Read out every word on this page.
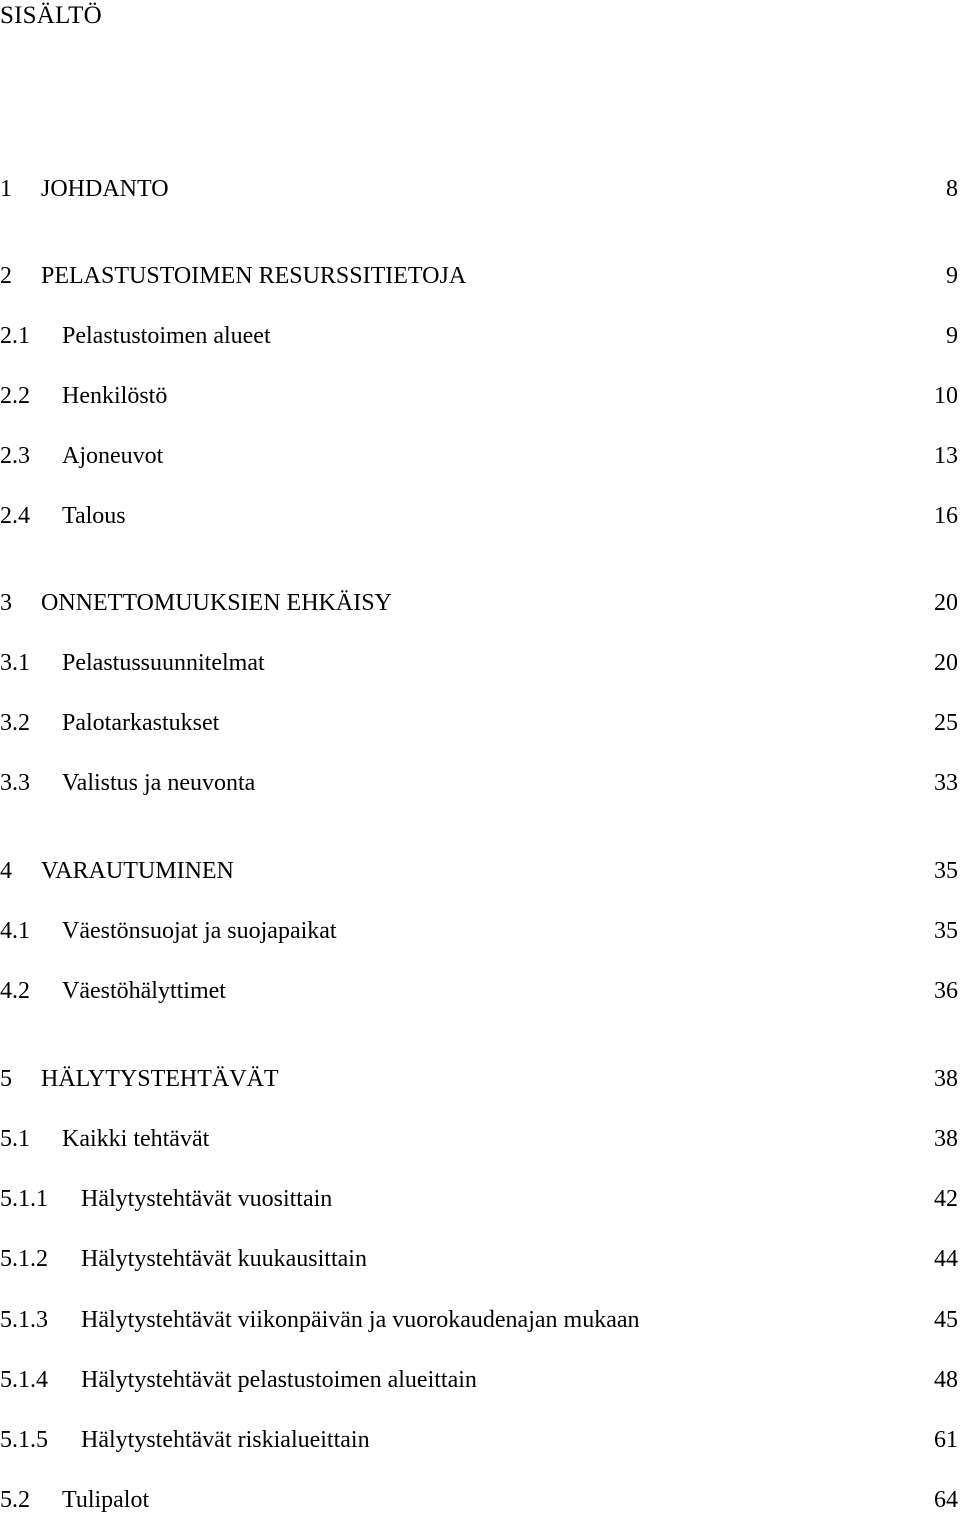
SISÄLTÖ
1 JOHDANTO	8
2 PELASTUSTOIMEN RESURSSITIETOJA	9
2.1 Pelastustoimen alueet	9
2.2 Henkilöstö	10
2.3 Ajoneuvot	13
2.4 Talous	16
3 ONNETTOMUUKSIEN EHKÄISY	20
3.1 Pelastussuunnitelmat	20
3.2 Palotarkastukset	25
3.3 Valistus ja neuvonta	33
4 VARAUTUMINEN	35
4.1 Väestönsuojat ja suojapaikat	35
4.2 Väestöhälyttimet	36
5 HÄLYTYSTEHTÄVÄT	38
5.1 Kaikki tehtävät	38
5.1.1 Hälytystehtävät vuosittain	42
5.1.2 Hälytystehtävät kuukausittain	44
5.1.3 Hälytystehtävät viikonpäivän ja vuorokaudenajan mukaan	45
5.1.4 Hälytystehtävät pelastustoimen alueittain	48
5.1.5 Hälytystehtävät riskialueittain	61
5.2 Tulipalot	64
